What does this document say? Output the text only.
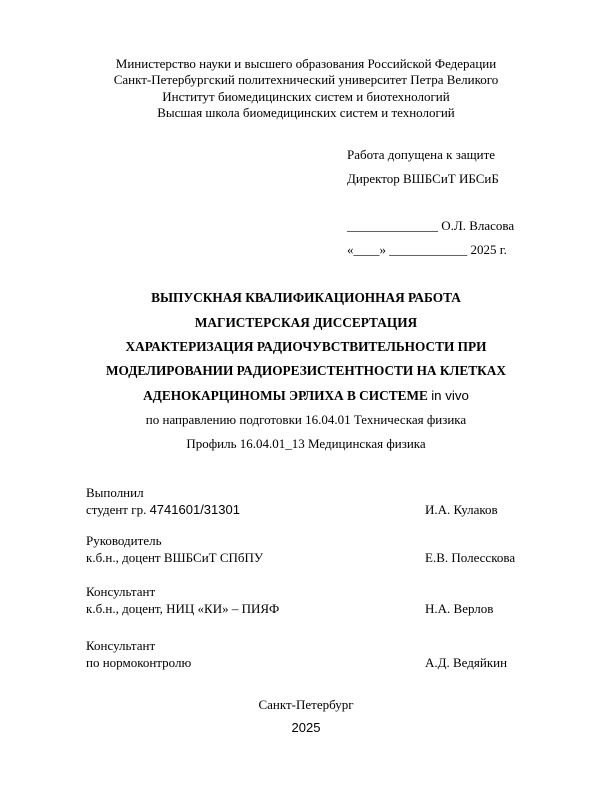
Министерство науки и высшего образования Российской Федерации
Санкт-Петербургский политехнический университет Петра Великого
Институт биомедицинских систем и биотехнологий
Высшая школа биомедицинских систем и технологий
Работа допущена к защите
Директор ВШБСиТ ИБСиБ
______________ О.Л. Власова
«____» ____________ 2025 г.
ВЫПУСКНАЯ КВАЛИФИКАЦИОННАЯ РАБОТА
МАГИСТЕРСКАЯ ДИССЕРТАЦИЯ
ХАРАКТЕРИЗАЦИЯ РАДИОЧУВСТВИТЕЛЬНОСТИ ПРИ
МОДЕЛИРОВАНИИ РАДИОРЕЗИСТЕНТНОСТИ НА КЛЕТКАХ
АДЕНОКАРЦИНОМЫ ЭРЛИХА В СИСТЕМЕ in vivo
по направлению подготовки 16.04.01 Техническая физика
Профиль 16.04.01_13 Медицинская физика
Выполнил
студент гр. 4741601/31301	И.А. Кулаков
Руководитель
к.б.н., доцент ВШБСиТ СПбПУ	Е.В. Полесскова
Консультант
к.б.н., доцент, НИЦ «КИ» – ПИЯФ	Н.А. Верлов
Консультант
по нормоконтролю	А.Д. Ведяйкин
Санкт-Петербург
2025
